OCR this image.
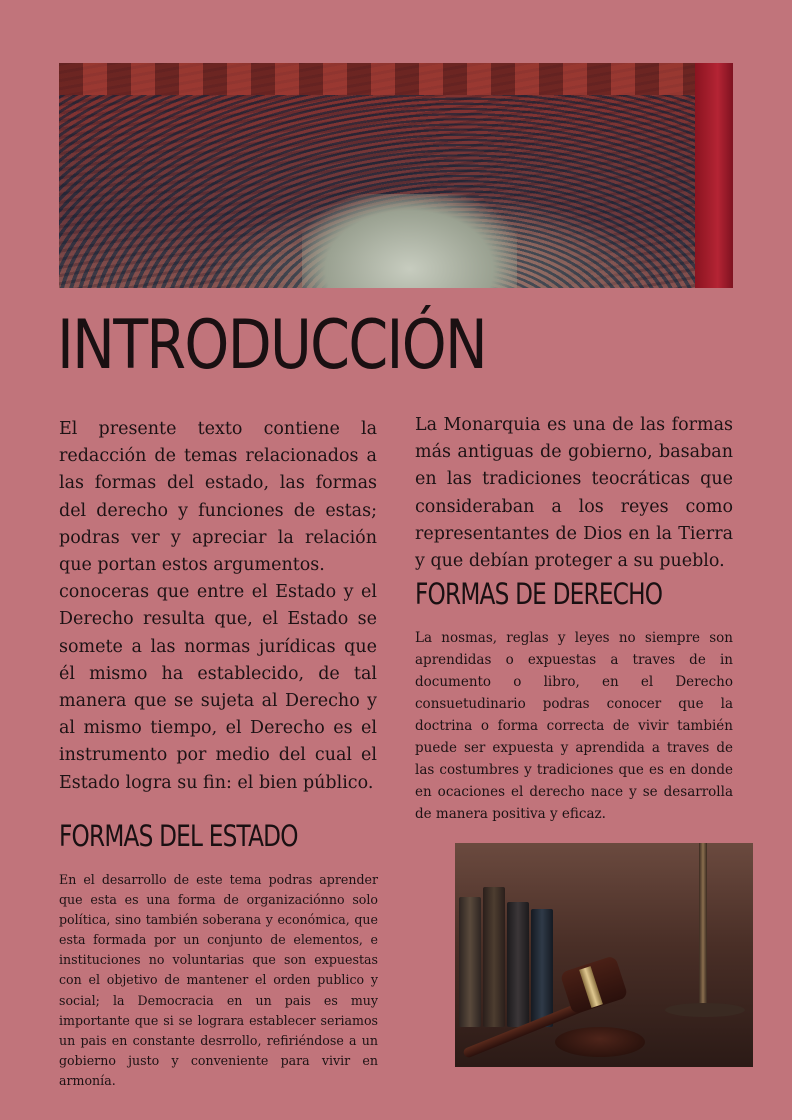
INTRODUCCIÓN

El presente texto contiene la redacción de temas relacionados a las formas del estado, las formas del derecho y funciones de estas; podras ver y apreciar la relación que portan estos argumentos.

conoceras que entre el Estado y el Derecho resulta que, el Estado se somete a las normas jurídicas que él mismo ha establecido, de tal manera que se sujeta al Derecho y al mismo tiempo, el Derecho es el instrumento por medio del cual el Estado logra su fin: el bien público.

La Monarquia es una de las formas más antiguas de gobierno, basaban en las tradiciones teocráticas que consideraban a los reyes como representantes de Dios en la Tierra y que debían proteger a su pueblo.

FORMAS DE DERECHO

La nosmas, reglas y leyes no siempre son aprendidas o expuestas a traves de in documento o libro, en el Derecho consuetudinario podras conocer que la doctrina o forma correcta de vivir también puede ser expuesta y aprendida a traves de las costumbres y tradiciones que es en donde en ocaciones el derecho nace y se desarrolla de manera positiva y eficaz.

FORMAS DEL ESTADO

En el desarrollo de este tema podras aprender que esta es una forma de organizaciónno solo política, sino también soberana y económica, que esta formada por un conjunto de elementos, e instituciones no voluntarias que son expuestas con el objetivo de mantener el orden publico y social; la Democracia en un pais es muy importante que si se lograra establecer seriamos un pais en constante desrrollo, refiriéndose a un gobierno justo y conveniente para vivir en armonía.
